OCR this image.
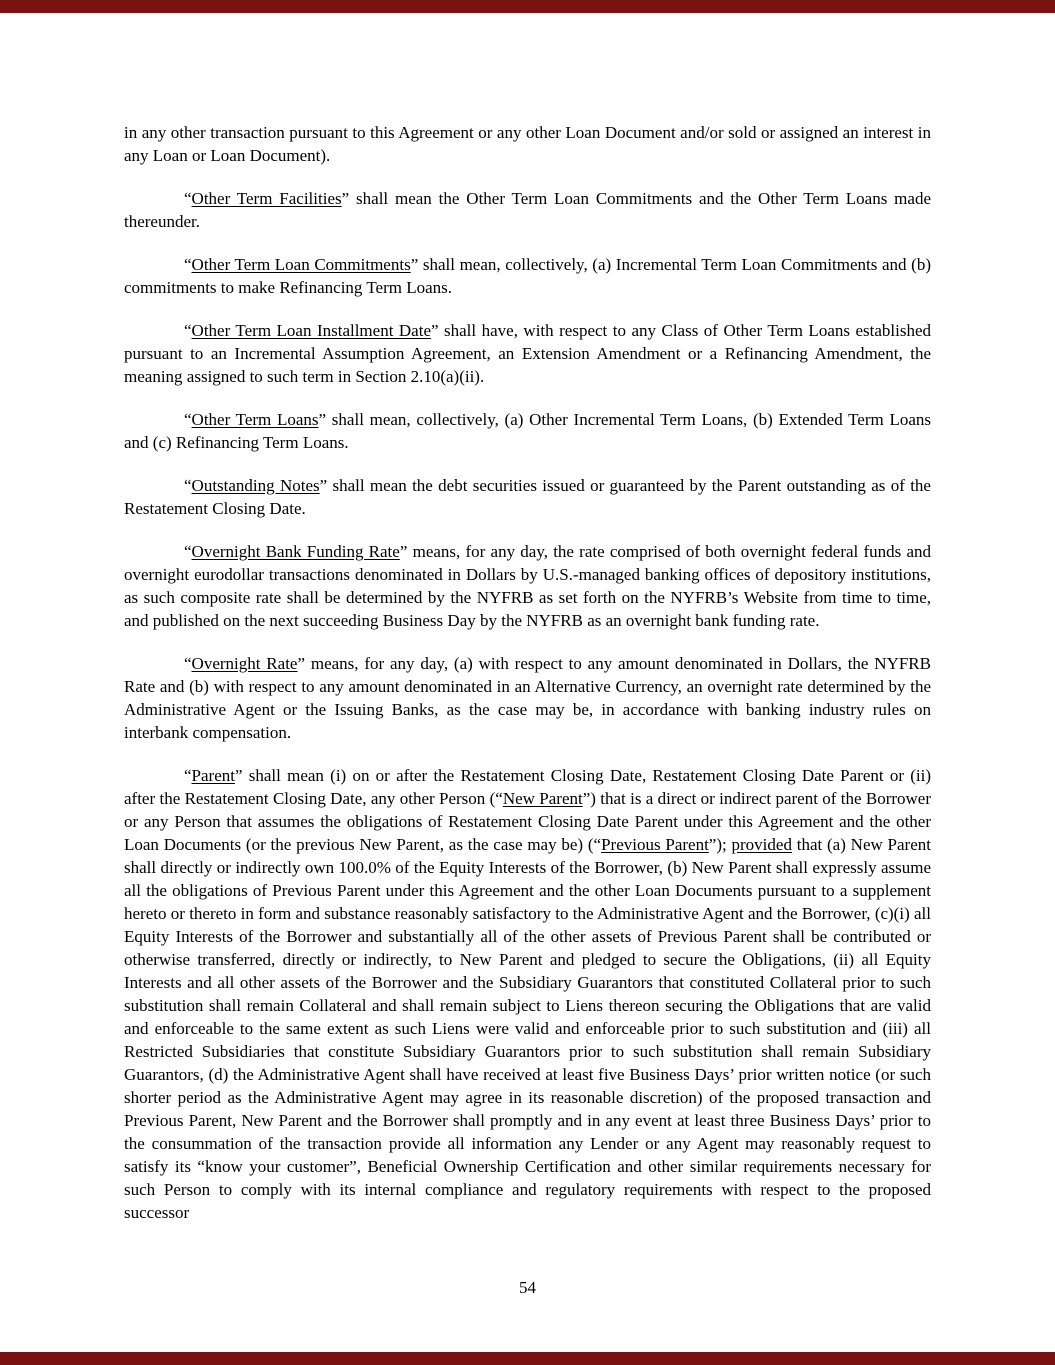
in any other transaction pursuant to this Agreement or any other Loan Document and/or sold or assigned an interest in any Loan or Loan Document).

“Other Term Facilities” shall mean the Other Term Loan Commitments and the Other Term Loans made thereunder.

“Other Term Loan Commitments” shall mean, collectively, (a) Incremental Term Loan Commitments and (b) commitments to make Refinancing Term Loans.

“Other Term Loan Installment Date” shall have, with respect to any Class of Other Term Loans established pursuant to an Incremental Assumption Agreement, an Extension Amendment or a Refinancing Amendment, the meaning assigned to such term in Section 2.10(a)(ii).

“Other Term Loans” shall mean, collectively, (a) Other Incremental Term Loans, (b) Extended Term Loans and (c) Refinancing Term Loans.

“Outstanding Notes” shall mean the debt securities issued or guaranteed by the Parent outstanding as of the Restatement Closing Date.

“Overnight Bank Funding Rate” means, for any day, the rate comprised of both overnight federal funds and overnight eurodollar transactions denominated in Dollars by U.S.-managed banking offices of depository institutions, as such composite rate shall be determined by the NYFRB as set forth on the NYFRB’s Website from time to time, and published on the next succeeding Business Day by the NYFRB as an overnight bank funding rate.

“Overnight Rate” means, for any day, (a) with respect to any amount denominated in Dollars, the NYFRB Rate and (b) with respect to any amount denominated in an Alternative Currency, an overnight rate determined by the Administrative Agent or the Issuing Banks, as the case may be, in accordance with banking industry rules on interbank compensation.

“Parent” shall mean (i) on or after the Restatement Closing Date, Restatement Closing Date Parent or (ii) after the Restatement Closing Date, any other Person (“New Parent”) that is a direct or indirect parent of the Borrower or any Person that assumes the obligations of Restatement Closing Date Parent under this Agreement and the other Loan Documents (or the previous New Parent, as the case may be) (“Previous Parent”); provided that (a) New Parent shall directly or indirectly own 100.0% of the Equity Interests of the Borrower, (b) New Parent shall expressly assume all the obligations of Previous Parent under this Agreement and the other Loan Documents pursuant to a supplement hereto or thereto in form and substance reasonably satisfactory to the Administrative Agent and the Borrower, (c)(i) all Equity Interests of the Borrower and substantially all of the other assets of Previous Parent shall be contributed or otherwise transferred, directly or indirectly, to New Parent and pledged to secure the Obligations, (ii) all Equity Interests and all other assets of the Borrower and the Subsidiary Guarantors that constituted Collateral prior to such substitution shall remain Collateral and shall remain subject to Liens thereon securing the Obligations that are valid and enforceable to the same extent as such Liens were valid and enforceable prior to such substitution and (iii) all Restricted Subsidiaries that constitute Subsidiary Guarantors prior to such substitution shall remain Subsidiary Guarantors, (d) the Administrative Agent shall have received at least five Business Days’ prior written notice (or such shorter period as the Administrative Agent may agree in its reasonable discretion) of the proposed transaction and Previous Parent, New Parent and the Borrower shall promptly and in any event at least three Business Days’ prior to the consummation of the transaction provide all information any Lender or any Agent may reasonably request to satisfy its “know your customer”, Beneficial Ownership Certification and other similar requirements necessary for such Person to comply with its internal compliance and regulatory requirements with respect to the proposed successor

54
